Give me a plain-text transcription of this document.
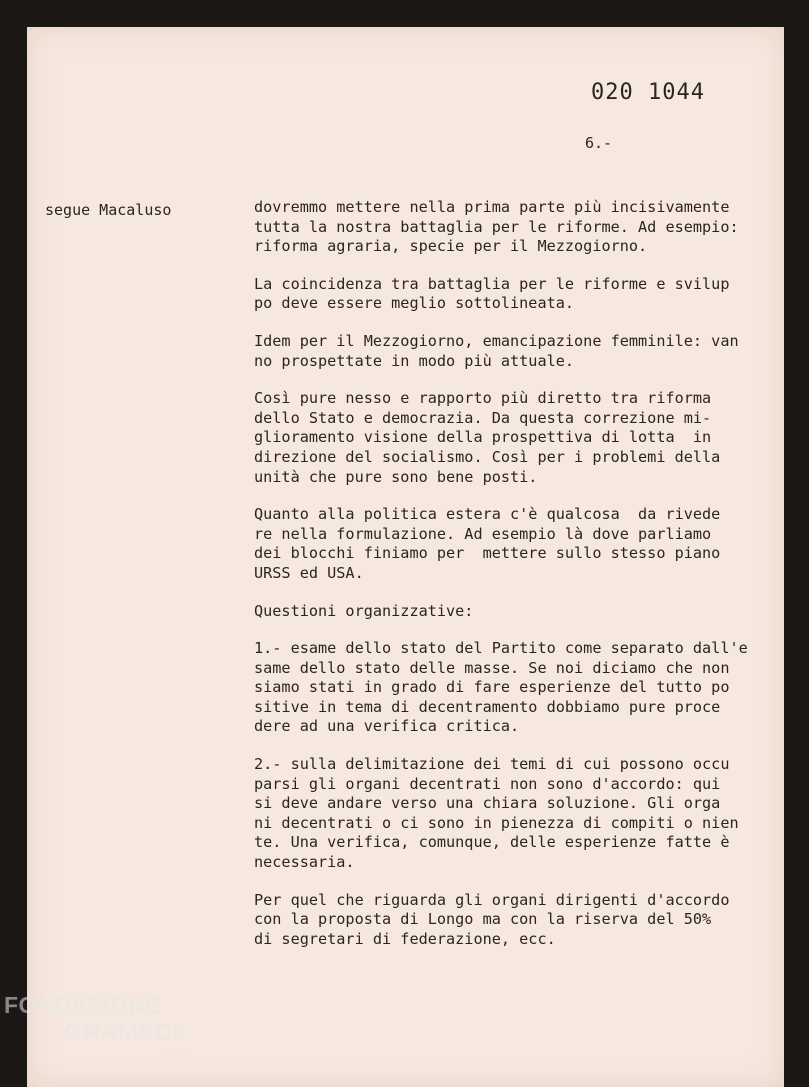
020 1044
6.-
segue Macaluso	dovremmo mettere nella prima parte più incisivamente
tutta la nostra battaglia per le riforme. Ad esempio:
riforma agraria, specie per il Mezzogiorno.

La coincidenza tra battaglia per le riforme e svilup
po deve essere meglio sottolineata.

Idem per il Mezzogiorno, emancipazione femminile: van
no prospettate in modo più attuale.

Così pure nesso e rapporto più diretto tra riforma
dello Stato e democrazia. Da questa correzione mi-
glioramento visione della prospettiva di lotta  in
direzione del socialismo. Così per i problemi della
unità che pure sono bene posti.

Quanto alla politica estera c'è qualcosa  da rivede
re nella formulazione. Ad esempio là dove parliamo
dei blocchi finiamo per  mettere sullo stesso piano
URSS ed USA.

Questioni organizzative:

1.- esame dello stato del Partito come separato dall'e
same dello stato delle masse. Se noi diciamo che non
siamo stati in grado di fare esperienze del tutto po
sitive in tema di decentramento dobbiamo pure proce
dere ad una verifica critica.

2.- sulla delimitazione dei temi di cui possono occu
parsi gli organi decentrati non sono d'accordo: qui
si deve andare verso una chiara soluzione. Gli orga
ni decentrati o ci sono in pienezza di compiti o nien
te. Una verifica, comunque, delle esperienze fatte è
necessaria.

Per quel che riguarda gli organi dirigenti d'accordo
con la proposta di Longo ma con la riserva del 50%
di segretari di federazione, ecc.

FONDAZIONE
GRAMSCI
onlus
